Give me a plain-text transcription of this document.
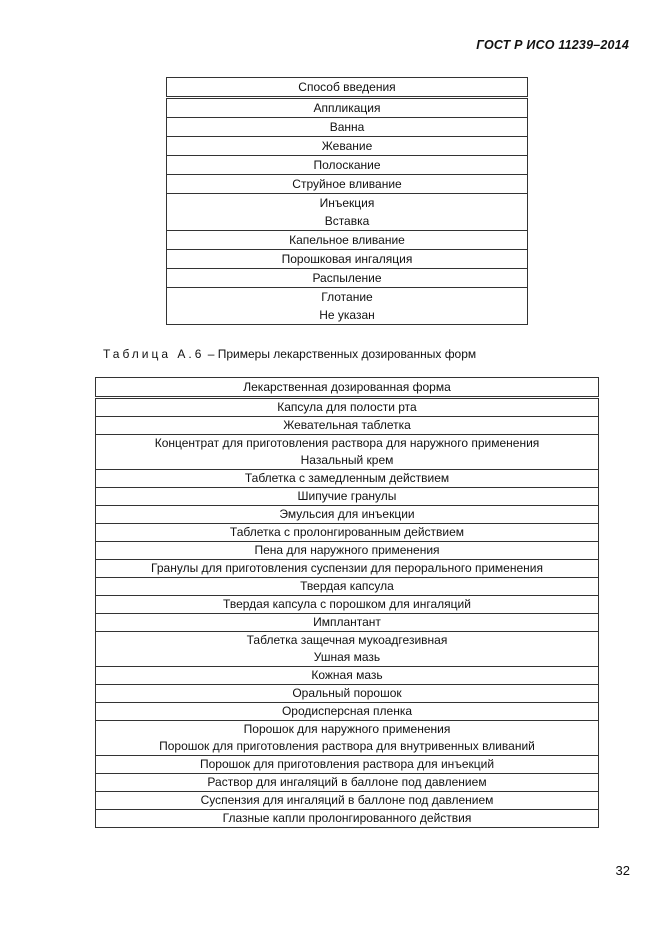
ГОСТ Р ИСО 11239–2014
Способ введения
Аппликация
Ванна
Жевание
Полоскание
Струйное вливание
Инъекция
Вставка
Капельное вливание
Порошковая ингаляция
Распыление
Глотание
Не указан
Таблица А.6 – Примеры лекарственных дозированных форм
Лекарственная дозированная форма
Капсула для полости рта
Жевательная таблетка
Концентрат для приготовления раствора для наружного применения
Назальный крем
Таблетка с замедленным действием
Шипучие гранулы
Эмульсия для инъекции
Таблетка с пролонгированным действием
Пена для наружного применения
Гранулы для приготовления суспензии для перорального применения
Твердая капсула
Твердая капсула с порошком для ингаляций
Имплантант
Таблетка защечная мукоадгезивная
Ушная мазь
Кожная мазь
Оральный порошок
Ородисперсная пленка
Порошок для наружного применения
Порошок для приготовления раствора для внутривенных вливаний
Порошок для приготовления раствора для инъекций
Раствор для ингаляций в баллоне под давлением
Суспензия для ингаляций в баллоне под давлением
Глазные капли пролонгированного действия
32
